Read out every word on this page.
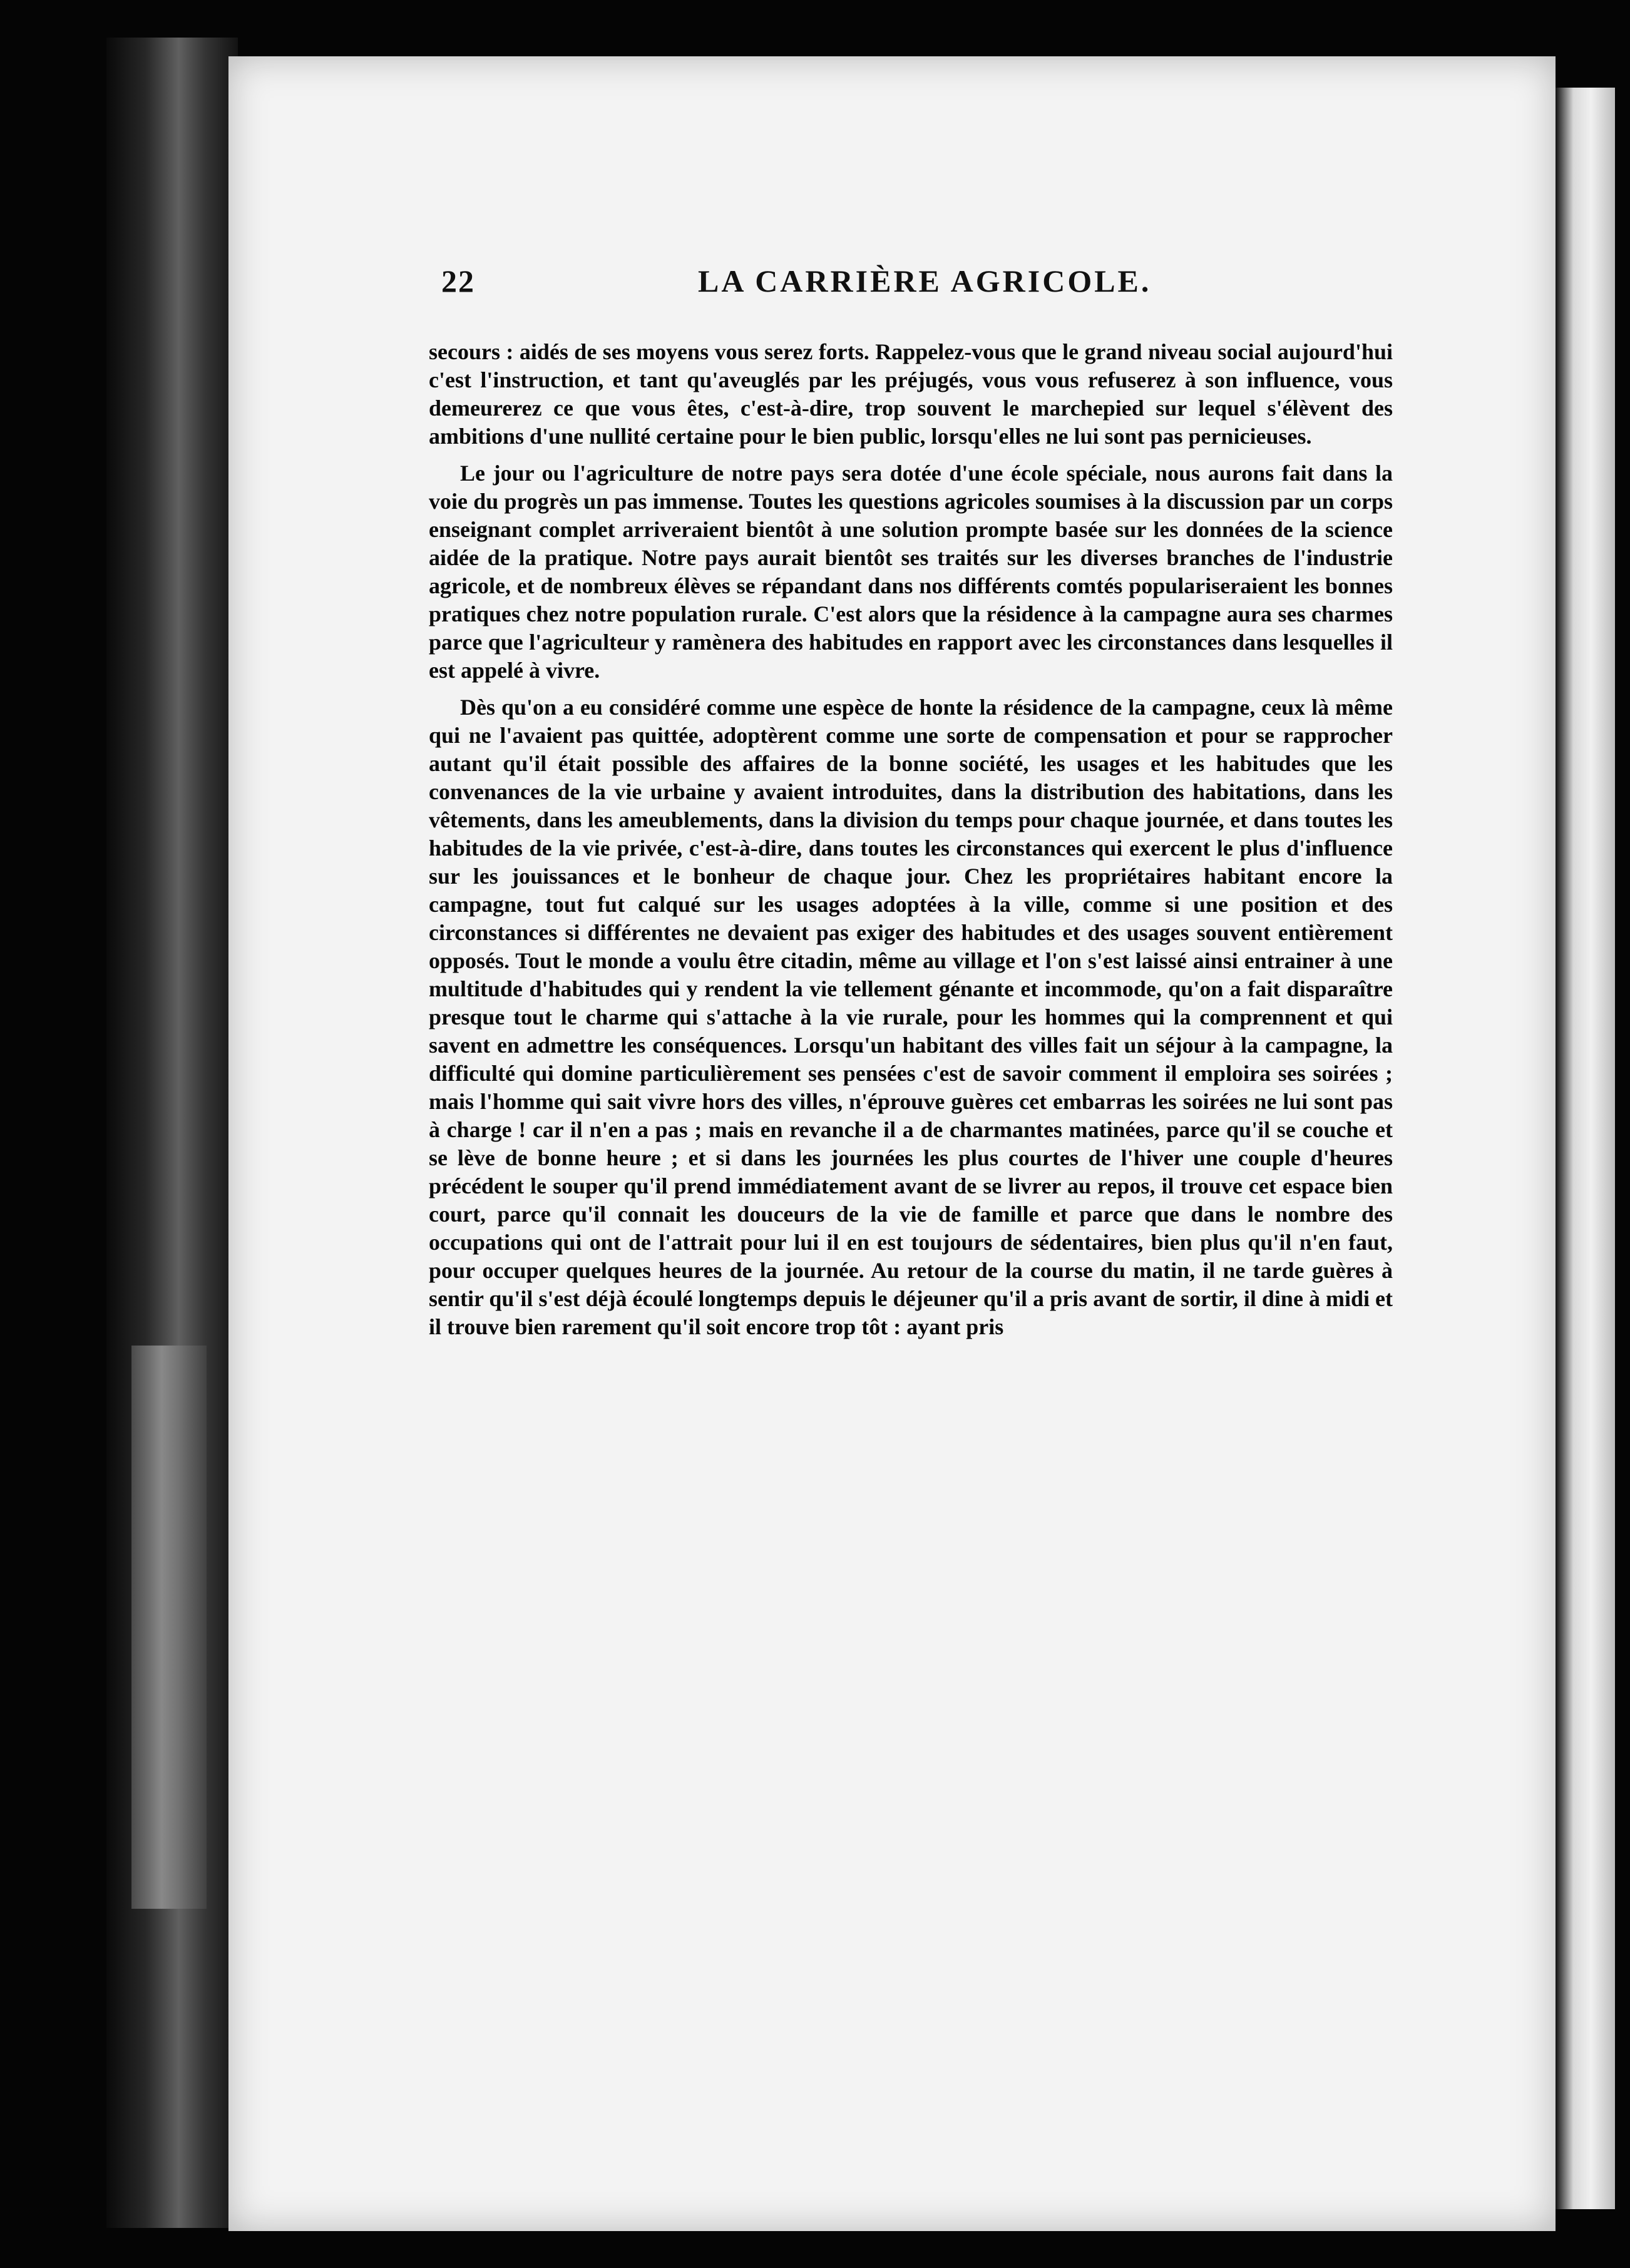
22	LA CARRIÈRE AGRICOLE.

secours : aidés de ses moyens vous serez forts. Rappelez-vous que le grand niveau social aujourd'hui c'est l'instruction, et tant qu'aveuglés par les préjugés, vous vous refuserez à son influence, vous demeurerez ce que vous êtes, c'est-à-dire, trop souvent le marchepied sur lequel s'élèvent des ambitions d'une nullité certaine pour le bien public, lorsqu'elles ne lui sont pas pernicieuses.

Le jour ou l'agriculture de notre pays sera dotée d'une école spéciale, nous aurons fait dans la voie du progrès un pas immense. Toutes les questions agricoles soumises à la discussion par un corps enseignant complet arriveraient bientôt à une solution prompte basée sur les données de la science aidée de la pratique. Notre pays aurait bientôt ses traités sur les diverses branches de l'industrie agricole, et de nombreux élèves se répandant dans nos différents comtés populariseraient les bonnes pratiques chez notre population rurale. C'est alors que la résidence à la campagne aura ses charmes parce que l'agriculteur y ramènera des habitudes en rapport avec les circonstances dans lesquelles il est appelé à vivre.

Dès qu'on a eu considéré comme une espèce de honte la résidence de la campagne, ceux là même qui ne l'avaient pas quittée, adoptèrent comme une sorte de compensation et pour se rapprocher autant qu'il était possible des affaires de la bonne société, les usages et les habitudes que les convenances de la vie urbaine y avaient introduites, dans la distribution des habitations, dans les vêtements, dans les ameublements, dans la division du temps pour chaque journée, et dans toutes les habitudes de la vie privée, c'est-à-dire, dans toutes les circonstances qui exercent le plus d'influence sur les jouissances et le bonheur de chaque jour. Chez les propriétaires habitant encore la campagne, tout fut calqué sur les usages adoptées à la ville, comme si une position et des circonstances si différentes ne devaient pas exiger des habitudes et des usages souvent entièrement opposés. Tout le monde a voulu être citadin, même au village et l'on s'est laissé ainsi entrainer à une multitude d'habitudes qui y rendent la vie tellement génante et incommode, qu'on a fait disparaître presque tout le charme qui s'attache à la vie rurale, pour les hommes qui la comprennent et qui savent en admettre les conséquences. Lorsqu'un habitant des villes fait un séjour à la campagne, la difficulté qui domine particulièrement ses pensées c'est de savoir comment il emploira ses soirées ; mais l'homme qui sait vivre hors des villes, n'éprouve guères cet embarras les soirées ne lui sont pas à charge ! car il n'en a pas ; mais en revanche il a de charmantes matinées, parce qu'il se couche et se lève de bonne heure ; et si dans les journées les plus courtes de l'hiver une couple d'heures précédent le souper qu'il prend immédiatement avant de se livrer au repos, il trouve cet espace bien court, parce qu'il connait les douceurs de la vie de famille et parce que dans le nombre des occupations qui ont de l'attrait pour lui il en est toujours de sédentaires, bien plus qu'il n'en faut, pour occuper quelques heures de la journée. Au retour de la course du matin, il ne tarde guères à sentir qu'il s'est déjà écoulé longtemps depuis le déjeuner qu'il a pris avant de sortir, il dine à midi et il trouve bien rarement qu'il soit encore trop tôt : ayant pris
